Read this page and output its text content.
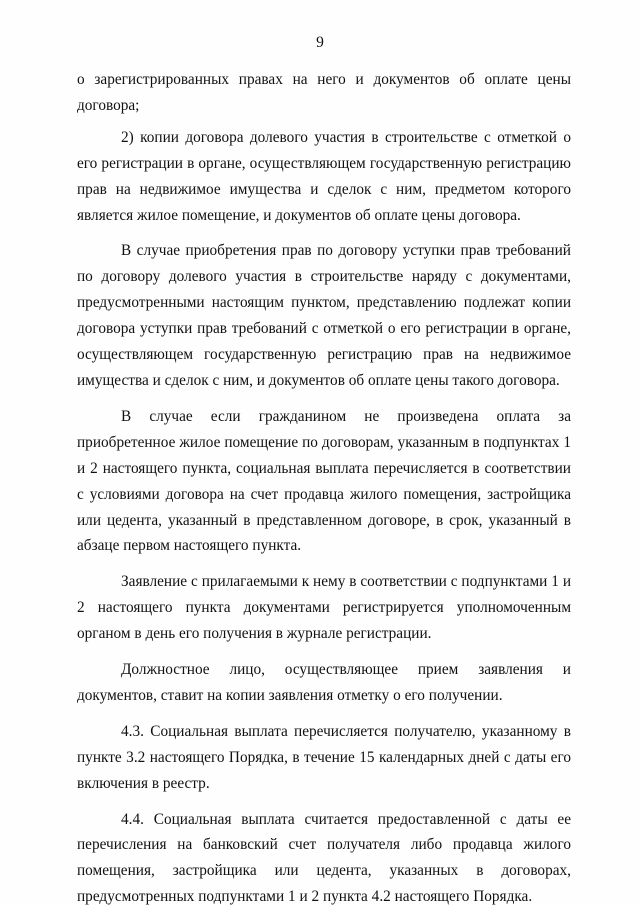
9

о зарегистрированных правах на него и документов об оплате цены договора;

2) копии договора долевого участия в строительстве с отметкой о его регистрации в органе, осуществляющем государственную регистрацию прав на недвижимое имущества и сделок с ним, предметом которого является жилое помещение, и документов об оплате цены договора.

В случае приобретения прав по договору уступки прав требований по договору долевого участия в строительстве наряду с документами, предусмотренными настоящим пунктом, представлению подлежат копии договора уступки прав требований с отметкой о его регистрации в органе, осуществляющем государственную регистрацию прав на недвижимое имущества и сделок с ним, и документов об оплате цены такого договора.

В случае если гражданином не произведена оплата за приобретенное жилое помещение по договорам, указанным в подпунктах 1 и 2 настоящего пункта, социальная выплата перечисляется в соответствии с условиями договора на счет продавца жилого помещения, застройщика или цедента, указанный в представленном договоре, в срок, указанный в абзаце первом настоящего пункта.

Заявление с прилагаемыми к нему в соответствии с подпунктами 1 и 2 настоящего пункта документами регистрируется уполномоченным органом в день его получения в журнале регистрации.

Должностное лицо, осуществляющее прием заявления и документов, ставит на копии заявления отметку о его получении.

4.3. Социальная выплата перечисляется получателю, указанному в пункте 3.2 настоящего Порядка, в течение 15 календарных дней с даты его включения в реестр.

4.4. Социальная выплата считается предоставленной с даты ее перечисления на банковский счет получателя либо продавца жилого помещения, застройщика или цедента, указанных в договорах, предусмотренных подпунктами 1 и 2 пункта 4.2 настоящего Порядка.
